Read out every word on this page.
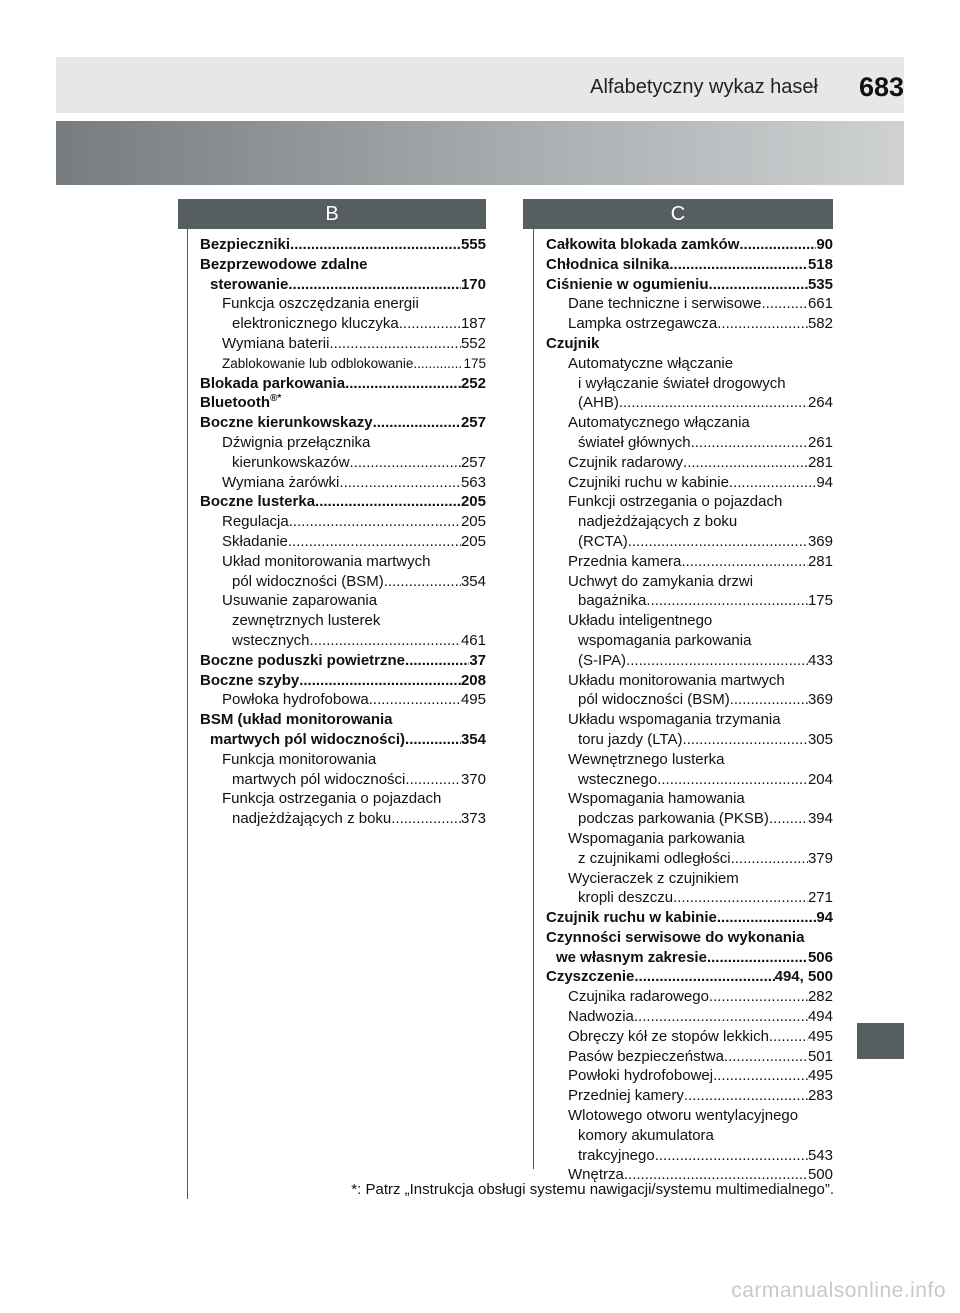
Alfabetyczny wykaz haseł 683
B	C
Bezpieczniki .....	555
Bezprzewodowe zdalne
sterowanie .....	170
Funkcja oszczędzania energii
elektronicznego kluczyka .....	187
Wymiana baterii .....	552
Zablokowanie lub odblokowanie .....	175
Blokada parkowania .....	252
Bluetooth®*
Boczne kierunkowskazy .....	257
Dźwignia przełącznika
kierunkowskazów .....	257
Wymiana żarówki .....	563
Boczne lusterka .....	205
Regulacja .....	205
Składanie .....	205
Układ monitorowania martwych
pól widoczności (BSM) .....	354
Usuwanie zaparowania
zewnętrznych lusterek
wstecznych .....	461
Boczne poduszki powietrzne .....	37
Boczne szyby .....	208
Powłoka hydrofobowa .....	495
BSM (układ monitorowania
martwych pól widoczności) .....	354
Funkcja monitorowania
martwych pól widoczności .....	370
Funkcja ostrzegania o pojazdach
nadjeżdżających z boku .....	373
Całkowita blokada zamków .....	90
Chłodnica silnika .....	518
Ciśnienie w ogumieniu .....	535
Dane techniczne i serwisowe .....	661
Lampka ostrzegawcza .....	582
Czujnik
Automatyczne włączanie
i wyłączanie świateł drogowych
(AHB) .....	264
Automatycznego włączania
świateł głównych .....	261
Czujnik radarowy .....	281
Czujniki ruchu w kabinie .....	94
Funkcji ostrzegania o pojazdach
nadjeżdżających z boku
(RCTA) .....	369
Przednia kamera .....	281
Uchwyt do zamykania drzwi
bagażnika .....	175
Układu inteligentnego
wspomagania parkowania
(S-IPA) .....	433
Układu monitorowania martwych
pól widoczności (BSM) .....	369
Układu wspomagania trzymania
toru jazdy (LTA) .....	305
Wewnętrznego lusterka
wstecznego .....	204
Wspomagania hamowania
podczas parkowania (PKSB) .....	394
Wspomagania parkowania
z czujnikami odległości .....	379
Wycieraczek z czujnikiem
kropli deszczu .....	271
Czujnik ruchu w kabinie .....	94
Czynności serwisowe do wykonania
we własnym zakresie .....	506
Czyszczenie .....	494, 500
Czujnika radarowego .....	282
Nadwozia .....	494
Obręczy kół ze stopów lekkich .....	495
Pasów bezpieczeństwa .....	501
Powłoki hydrofobowej .....	495
Przedniej kamery .....	283
Wlotowego otworu wentylacyjnego
komory akumulatora
trakcyjnego .....	543
Wnętrza .....	500
*: Patrz „Instrukcja obsługi systemu nawigacji/systemu multimedialnego”.
carmanualsonline.info
